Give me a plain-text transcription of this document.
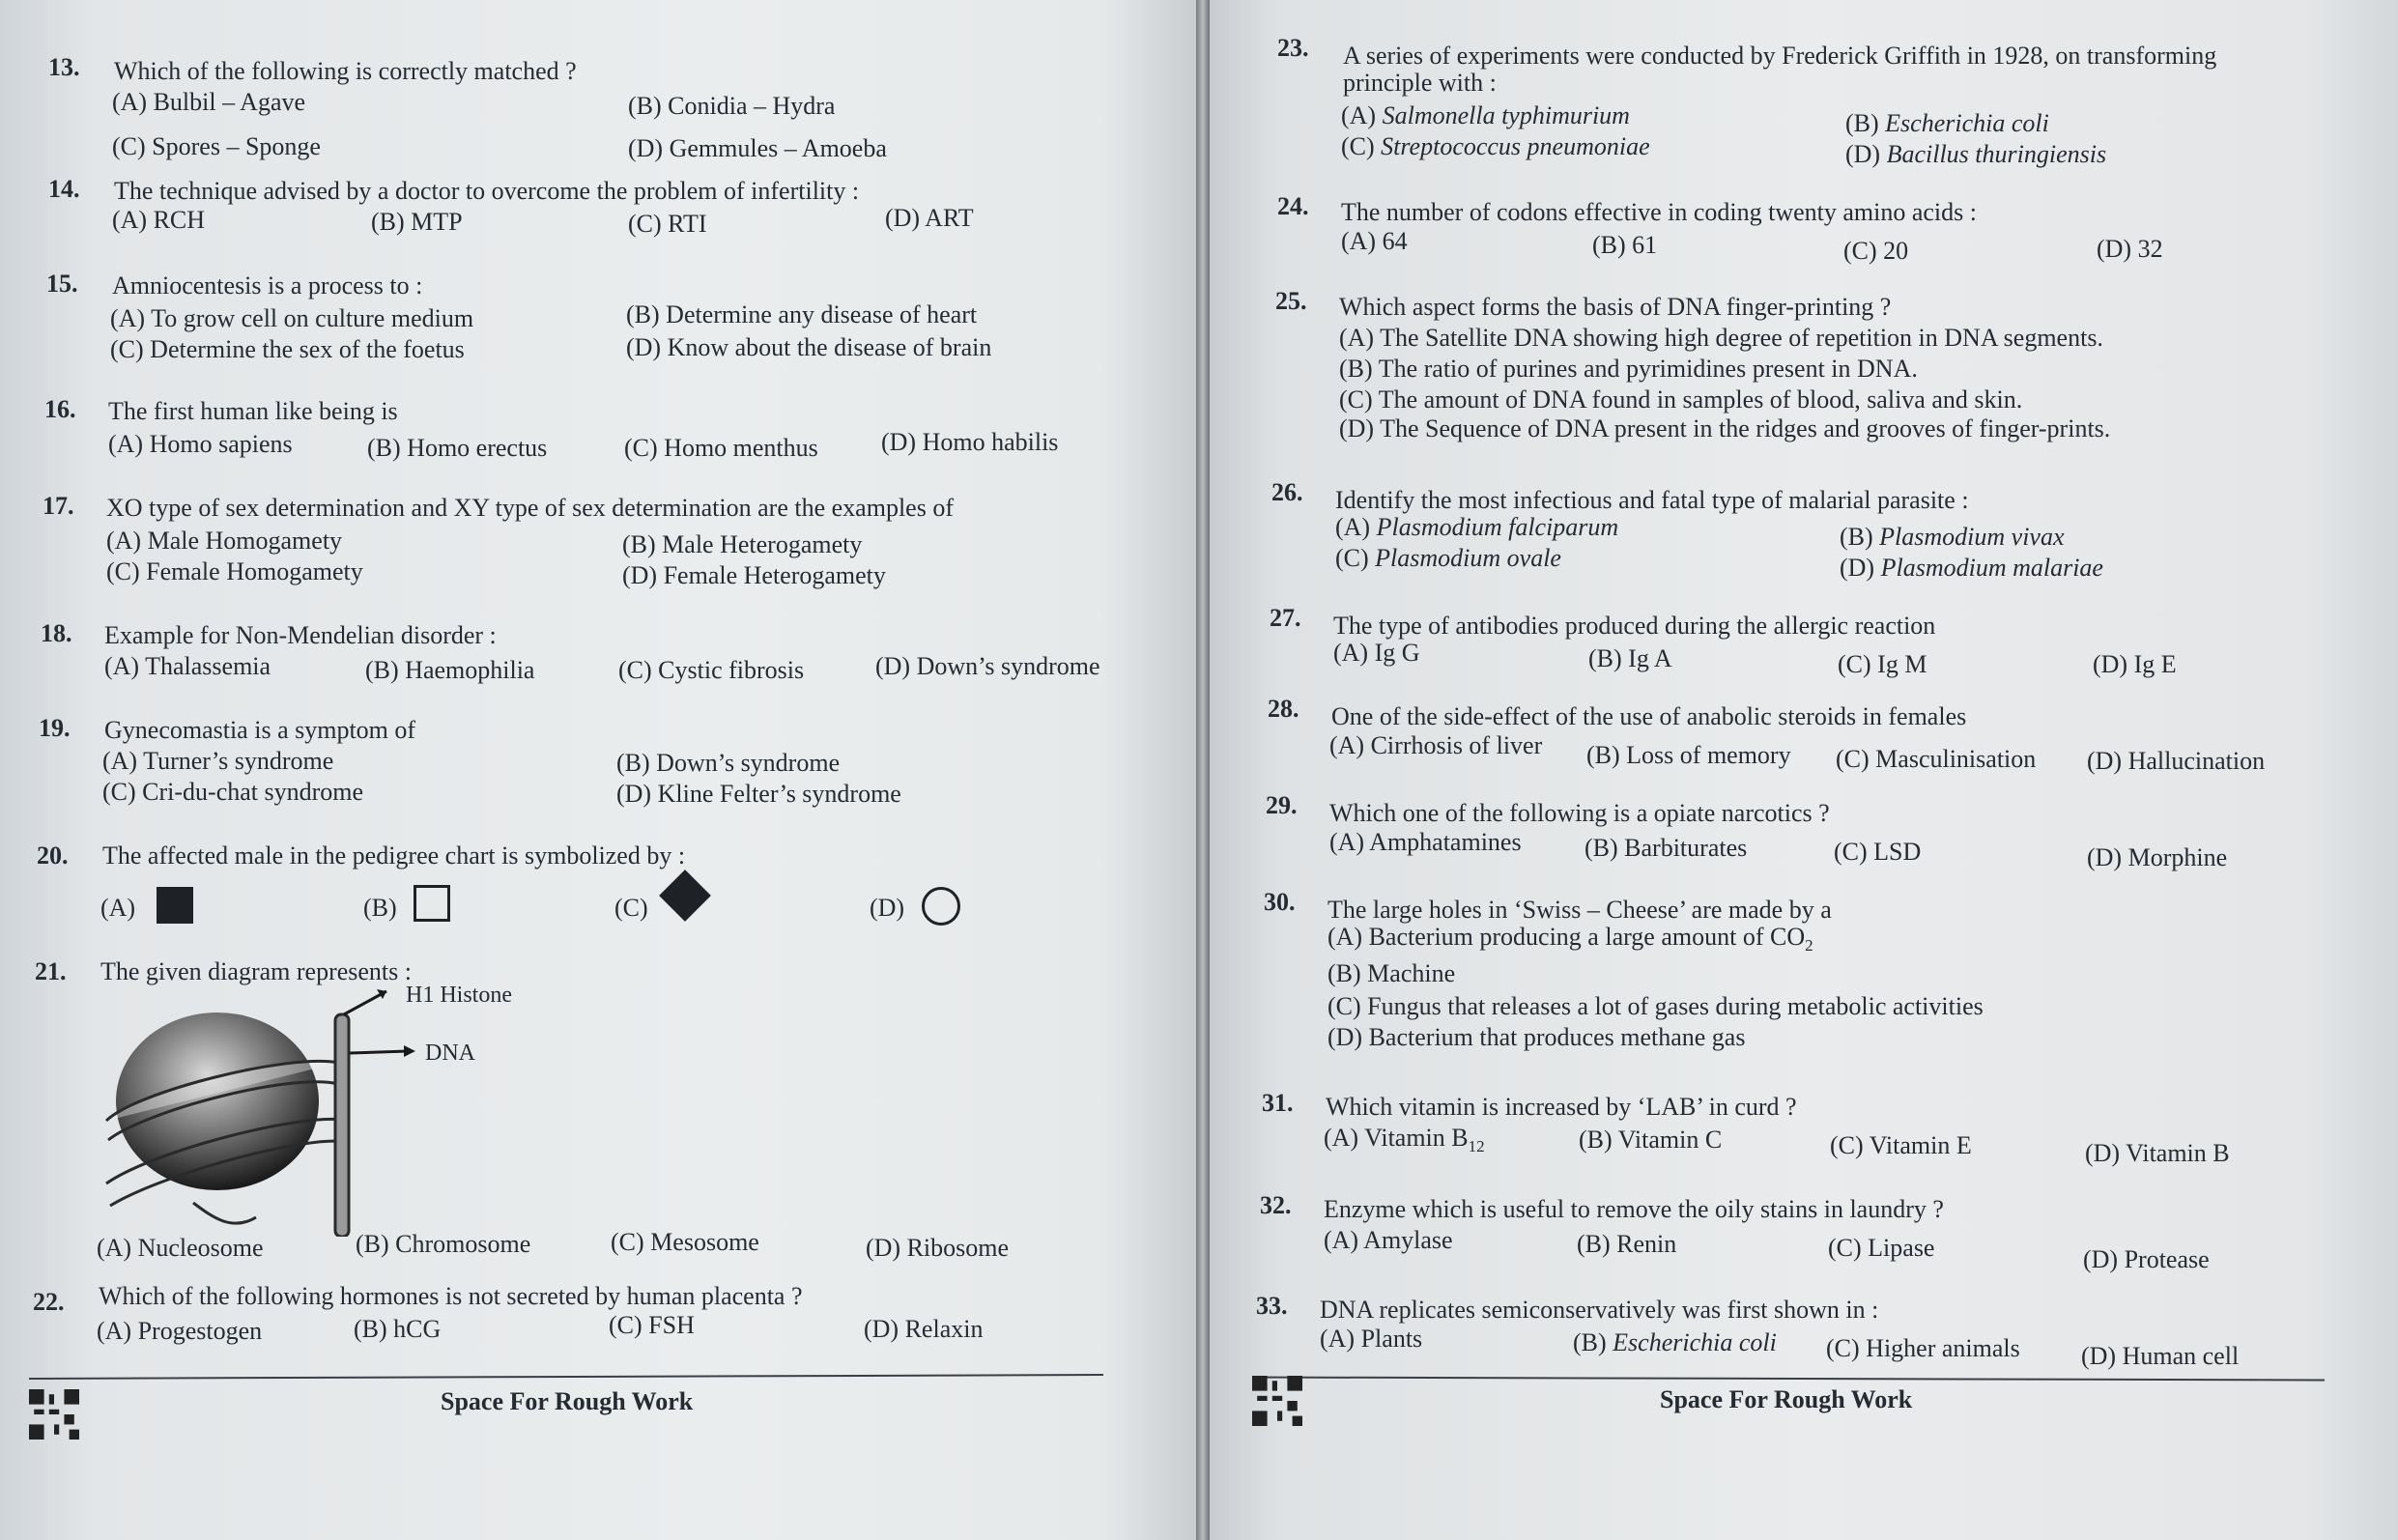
13. Which of the following is correctly matched ?
(A) Bulbil – Agave	(B) Conidia – Hydra
(C) Spores – Sponge	(D) Gemmules – Amoeba
14. The technique advised by a doctor to overcome the problem of infertility :
(A) RCH	(B) MTP	(C) RTI	(D) ART
15. Amniocentesis is a process to :
(A) To grow cell on culture medium	(B) Determine any disease of heart
(C) Determine the sex of the foetus	(D) Know about the disease of brain
16. The first human like being is
(A) Homo sapiens	(B) Homo erectus	(C) Homo menthus	(D) Homo habilis
17. XO type of sex determination and XY type of sex determination are the examples of
(A) Male Homogamety	(B) Male Heterogamety
(C) Female Homogamety	(D) Female Heterogamety
18. Example for Non-Mendelian disorder :
(A) Thalassemia	(B) Haemophilia	(C) Cystic fibrosis	(D) Down’s syndrome
19. Gynecomastia is a symptom of
(A) Turner’s syndrome	(B) Down’s syndrome
(C) Cri-du-chat syndrome	(D) Kline Felter’s syndrome
20. The affected male in the pedigree chart is symbolized by :
(A)	(B)	(C)	(D)
21. The given diagram represents :
H1 Histone
DNA
(A) Nucleosome	(B) Chromosome	(C) Mesosome	(D) Ribosome
22. Which of the following hormones is not secreted by human placenta ?
(A) Progestogen	(B) hCG	(C) FSH	(D) Relaxin
Space For Rough Work
23. A series of experiments were conducted by Frederick Griffith in 1928, on transforming
principle with :
(A) Salmonella typhimurium	(B) Escherichia coli
(C) Streptococcus pneumoniae	(D) Bacillus thuringiensis
24. The number of codons effective in coding twenty amino acids :
(A) 64	(B) 61	(C) 20	(D) 32
25. Which aspect forms the basis of DNA finger-printing ?
(A) The Satellite DNA showing high degree of repetition in DNA segments.
(B) The ratio of purines and pyrimidines present in DNA.
(C) The amount of DNA found in samples of blood, saliva and skin.
(D) The Sequence of DNA present in the ridges and grooves of finger-prints.
26. Identify the most infectious and fatal type of malarial parasite :
(A) Plasmodium falciparum	(B) Plasmodium vivax
(C) Plasmodium ovale	(D) Plasmodium malariae
27. The type of antibodies produced during the allergic reaction
(A) Ig G	(B) Ig A	(C) Ig M	(D) Ig E
28. One of the side-effect of the use of anabolic steroids in females
(A) Cirrhosis of liver (B) Loss of memory (C) Masculinisation (D) Hallucination
29. Which one of the following is a opiate narcotics ?
(A) Amphatamines	(B) Barbiturates	(C) LSD	(D) Morphine
30. The large holes in ‘Swiss – Cheese’ are made by a
(A) Bacterium producing a large amount of $CO_2$
(B) Machine
(C) Fungus that releases a lot of gases during metabolic activities
(D) Bacterium that produces methane gas
31. Which vitamin is increased by ‘LAB’ in curd ?
(A) Vitamin $B_{12}$	(B) Vitamin C	(C) Vitamin E	(D) Vitamin B
32. Enzyme which is useful to remove the oily stains in laundry ?
(A) Amylase	(B) Renin	(C) Lipase	(D) Protease
33. DNA replicates semiconservatively was first shown in :
(A) Plants	(B) Escherichia coli (C) Higher animals (D) Human cell
Space For Rough Work
